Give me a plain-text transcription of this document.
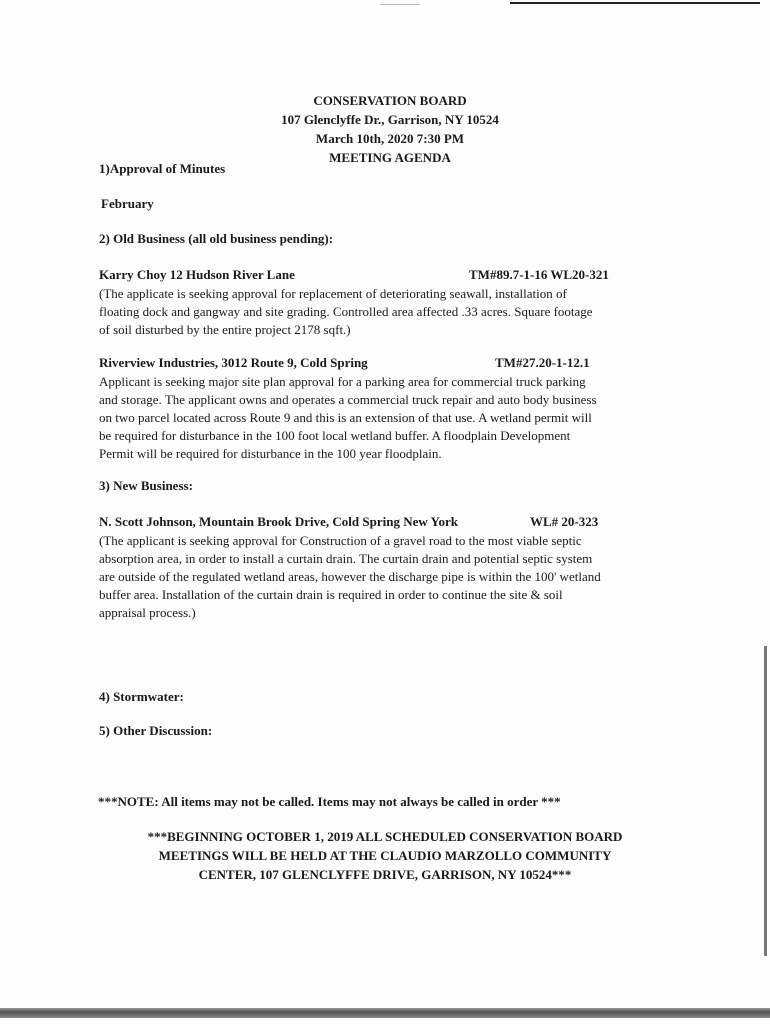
CONSERVATION BOARD
107 Glenclyffe Dr., Garrison, NY 10524
March 10th, 2020 7:30 PM
MEETING AGENDA
1)Approval of Minutes
February
2) Old Business (all old business pending):
Karry Choy 12 Hudson River Lane	TM#89.7-1-16 WL20-321
(The applicate is seeking approval for replacement of deteriorating seawall, installation of
floating dock and gangway and site grading. Controlled area affected .33 acres. Square footage
of soil disturbed by the entire project 2178 sqft.)
Riverview Industries, 3012 Route 9, Cold Spring	TM#27.20-1-12.1
Applicant is seeking major site plan approval for a parking area for commercial truck parking
and storage. The applicant owns and operates a commercial truck repair and auto body business
on two parcel located across Route 9 and this is an extension of that use. A wetland permit will
be required for disturbance in the 100 foot local wetland buffer. A floodplain Development
Permit will be required for disturbance in the 100 year floodplain.
3) New Business:
N. Scott Johnson, Mountain Brook Drive, Cold Spring New York	WL# 20-323
(The applicant is seeking approval for Construction of a gravel road to the most viable septic
absorption area, in order to install a curtain drain. The curtain drain and potential septic system
are outside of the regulated wetland areas, however the discharge pipe is within the 100' wetland
buffer area. Installation of the curtain drain is required in order to continue the site & soil
appraisal process.)
4) Stormwater:
5) Other Discussion:
***NOTE: All items may not be called. Items may not always be called in order ***
***BEGINNING OCTOBER 1, 2019 ALL SCHEDULED CONSERVATION BOARD
MEETINGS WILL BE HELD AT THE CLAUDIO MARZOLLO COMMUNITY
CENTER, 107 GLENCLYFFE DRIVE, GARRISON, NY 10524***
